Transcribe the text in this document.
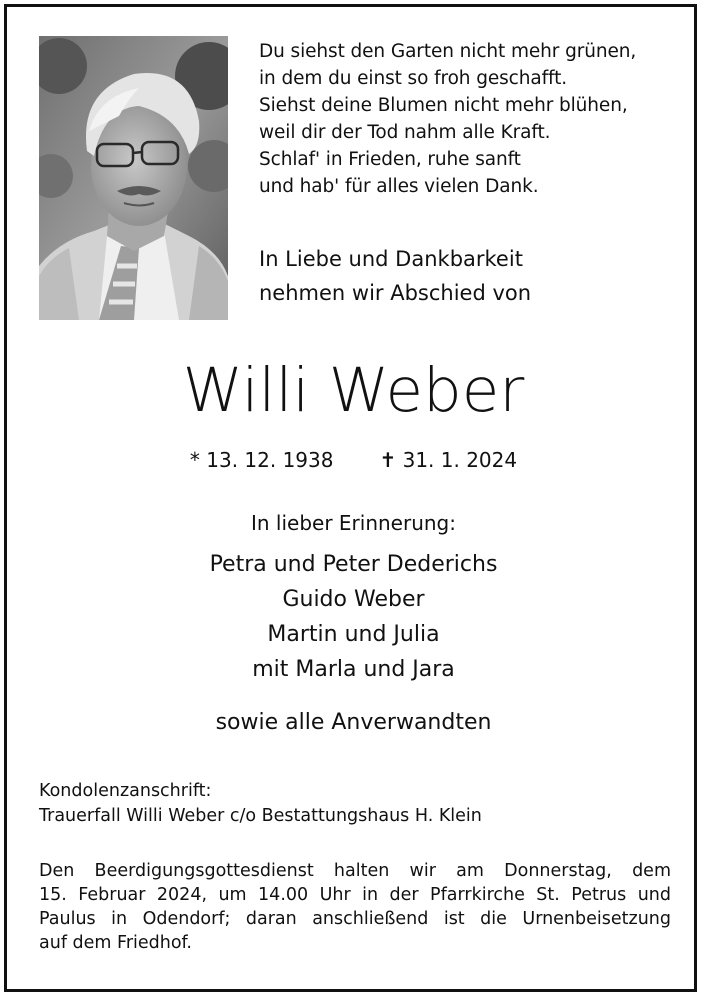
Du siehst den Garten nicht mehr grünen,
in dem du einst so froh geschafft.
Siehst deine Blumen nicht mehr blühen,
weil dir der Tod nahm alle Kraft.
Schlaf' in Frieden, ruhe sanft
und hab' für alles vielen Dank.
In Liebe und Dankbarkeit
nehmen wir Abschied von
Willi Weber
* 13. 12. 1938 ✝ 31. 1. 2024
In lieber Erinnerung:
Petra und Peter Dederichs
Guido Weber
Martin und Julia
mit Marla und Jara
sowie alle Anverwandten
Kondolenzanschrift:
Trauerfall Willi Weber c/o Bestattungshaus H. Klein
Den Beerdigungsgottesdienst halten wir am Donnerstag, dem
15. Februar 2024, um 14.00 Uhr in der Pfarrkirche St. Petrus und
Paulus in Odendorf; daran anschließend ist die Urnenbeisetzung
auf dem Friedhof.
